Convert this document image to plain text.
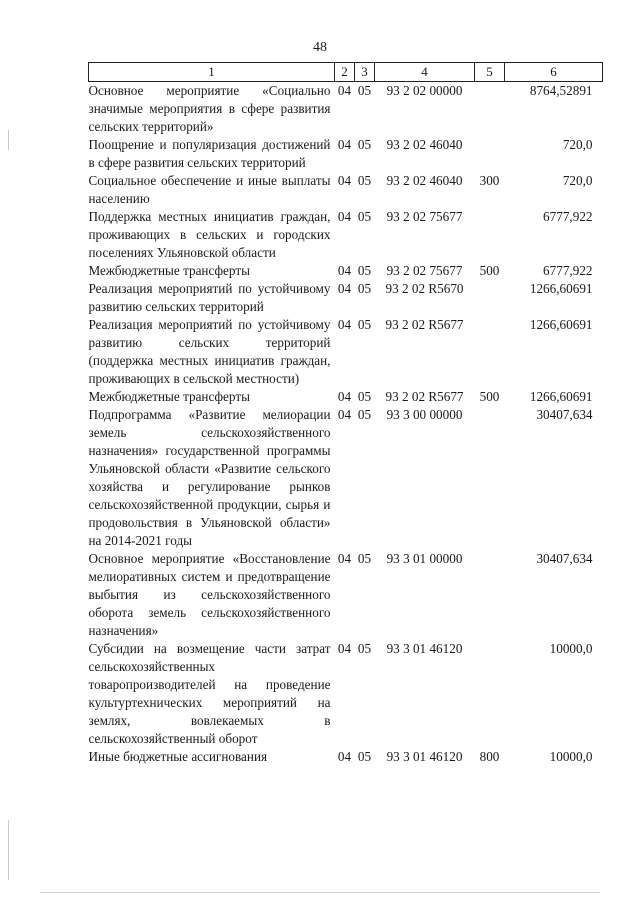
48
1	2	3	4	5	6
Основное мероприятие «Социально значимые мероприятия в сфере развития сельских территорий»	04	05	93 2 02 00000		8764,52891
Поощрение и популяризация достижений в сфере развития сельских территорий	04	05	93 2 02 46040		720,0
Социальное обеспечение и иные выплаты населению	04	05	93 2 02 46040	300	720,0
Поддержка местных инициатив граждан, проживающих в сельских и городских поселениях Ульяновской области	04	05	93 2 02 75677		6777,922
Межбюджетные трансферты	04	05	93 2 02 75677	500	6777,922
Реализация мероприятий по устойчивому развитию сельских территорий	04	05	93 2 02 R5670		1266,60691
Реализация мероприятий по устойчивому развитию сельских территорий (поддержка местных инициатив граждан, проживающих в сельской местности)	04	05	93 2 02 R5677		1266,60691
Межбюджетные трансферты	04	05	93 2 02 R5677	500	1266,60691
Подпрограмма «Развитие мелиорации земель сельскохозяйственного назначения» государственной программы Ульяновской области «Развитие сельского хозяйства и регулирование рынков сельскохозяйственной продукции, сырья и продовольствия в Ульяновской области» на 2014-2021 годы	04	05	93 3 00 00000		30407,634
Основное мероприятие «Восстановление мелиоративных систем и предотвращение выбытия из сельскохозяйственного оборота земель сельскохозяйственного назначения»	04	05	93 3 01 00000		30407,634
Субсидии на возмещение части затрат сельскохозяйственных товаропроизводителей на проведение культуртехнических мероприятий на землях, вовлекаемых в сельскохозяйственный оборот	04	05	93 3 01 46120		10000,0
Иные бюджетные ассигнования	04	05	93 3 01 46120	800	10000,0
